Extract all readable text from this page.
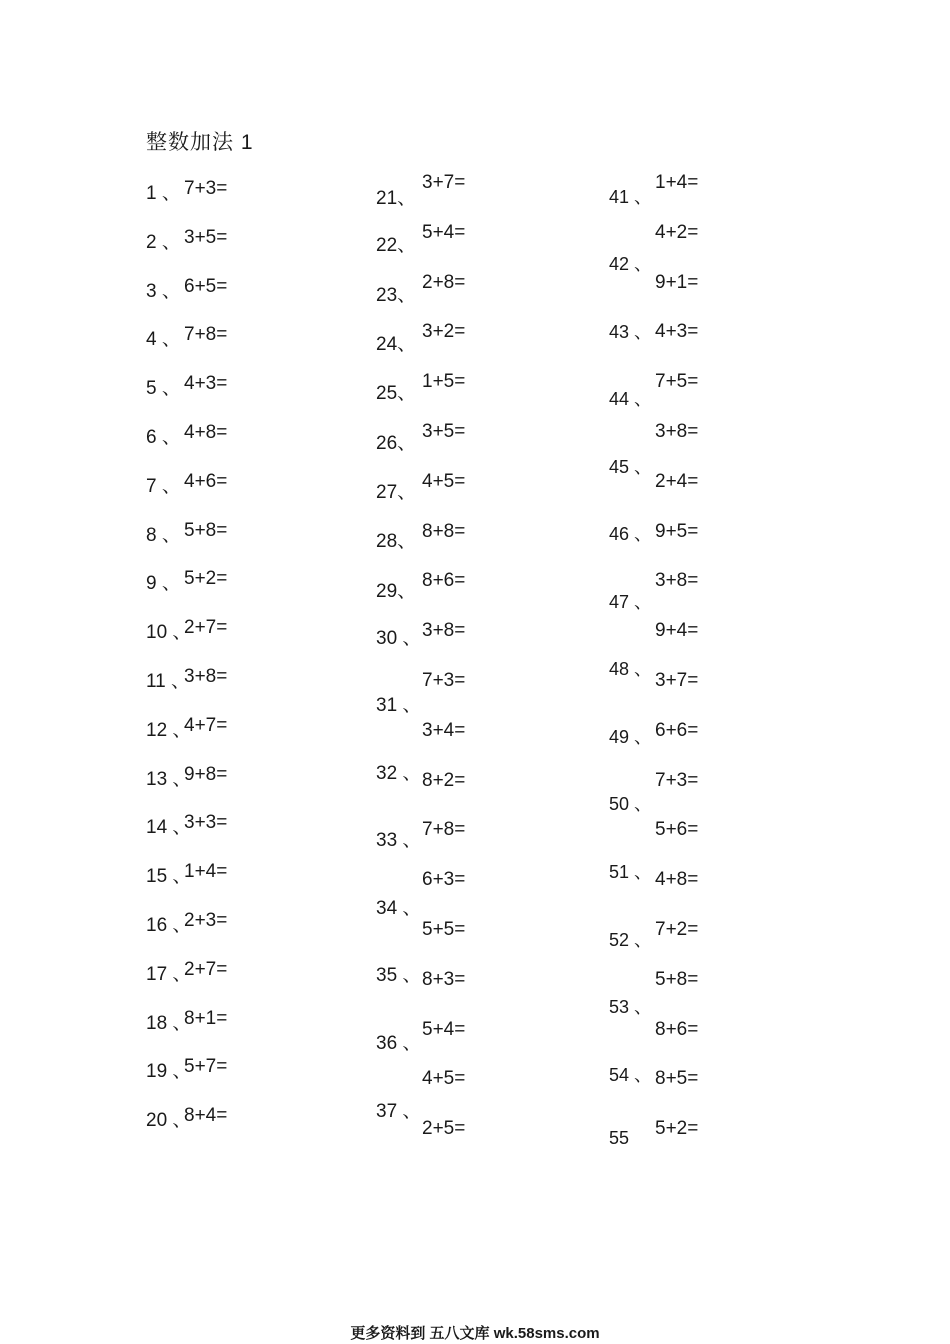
整数加法 1
7+3=
1 、
3+5=
2 、
6+5=
3 、
7+8=
4 、
4+3=
5 、
4+8=
6 、
4+6=
7 、
5+8=
8 、
5+2=
9 、
2+7=
10 、
3+8=
11 、
4+7=
12 、
9+8=
13 、
3+3=
14 、
1+4=
15 、
2+3=
16 、
2+7=
17 、
8+1=
18 、
5+7=
19 、
8+4=
20 、
3+7=
21、
5+4=
22、
2+8=
23、
3+2=
24、
1+5=
25、
3+5=
26、
4+5=
27、
8+8=
28、
8+6=
29、
3+8=
30 、
7+3=
31 、
3+4=
32 、 8+2=
33 、
7+8=
34 、
6+3=
35 、
5+5=
36 、
8+3=
37 、
5+4=
4+5=
2+5=
1+4=
41 、
4+2=
42 、
9+1=
43 、 4+3=
44 、
7+5=
45 、
3+8=
46 、
2+4=
47 、
9+5=
48 、
3+8=
49 、
9+4=
50 、
3+7=
51 、
6+6=
52 、
7+3=
53 、
5+6=
54 、
4+8=
55
7+2=
5+8=
8+6=
8+5=
5+2=
更多资料到 五八文库 wk.58sms.com
